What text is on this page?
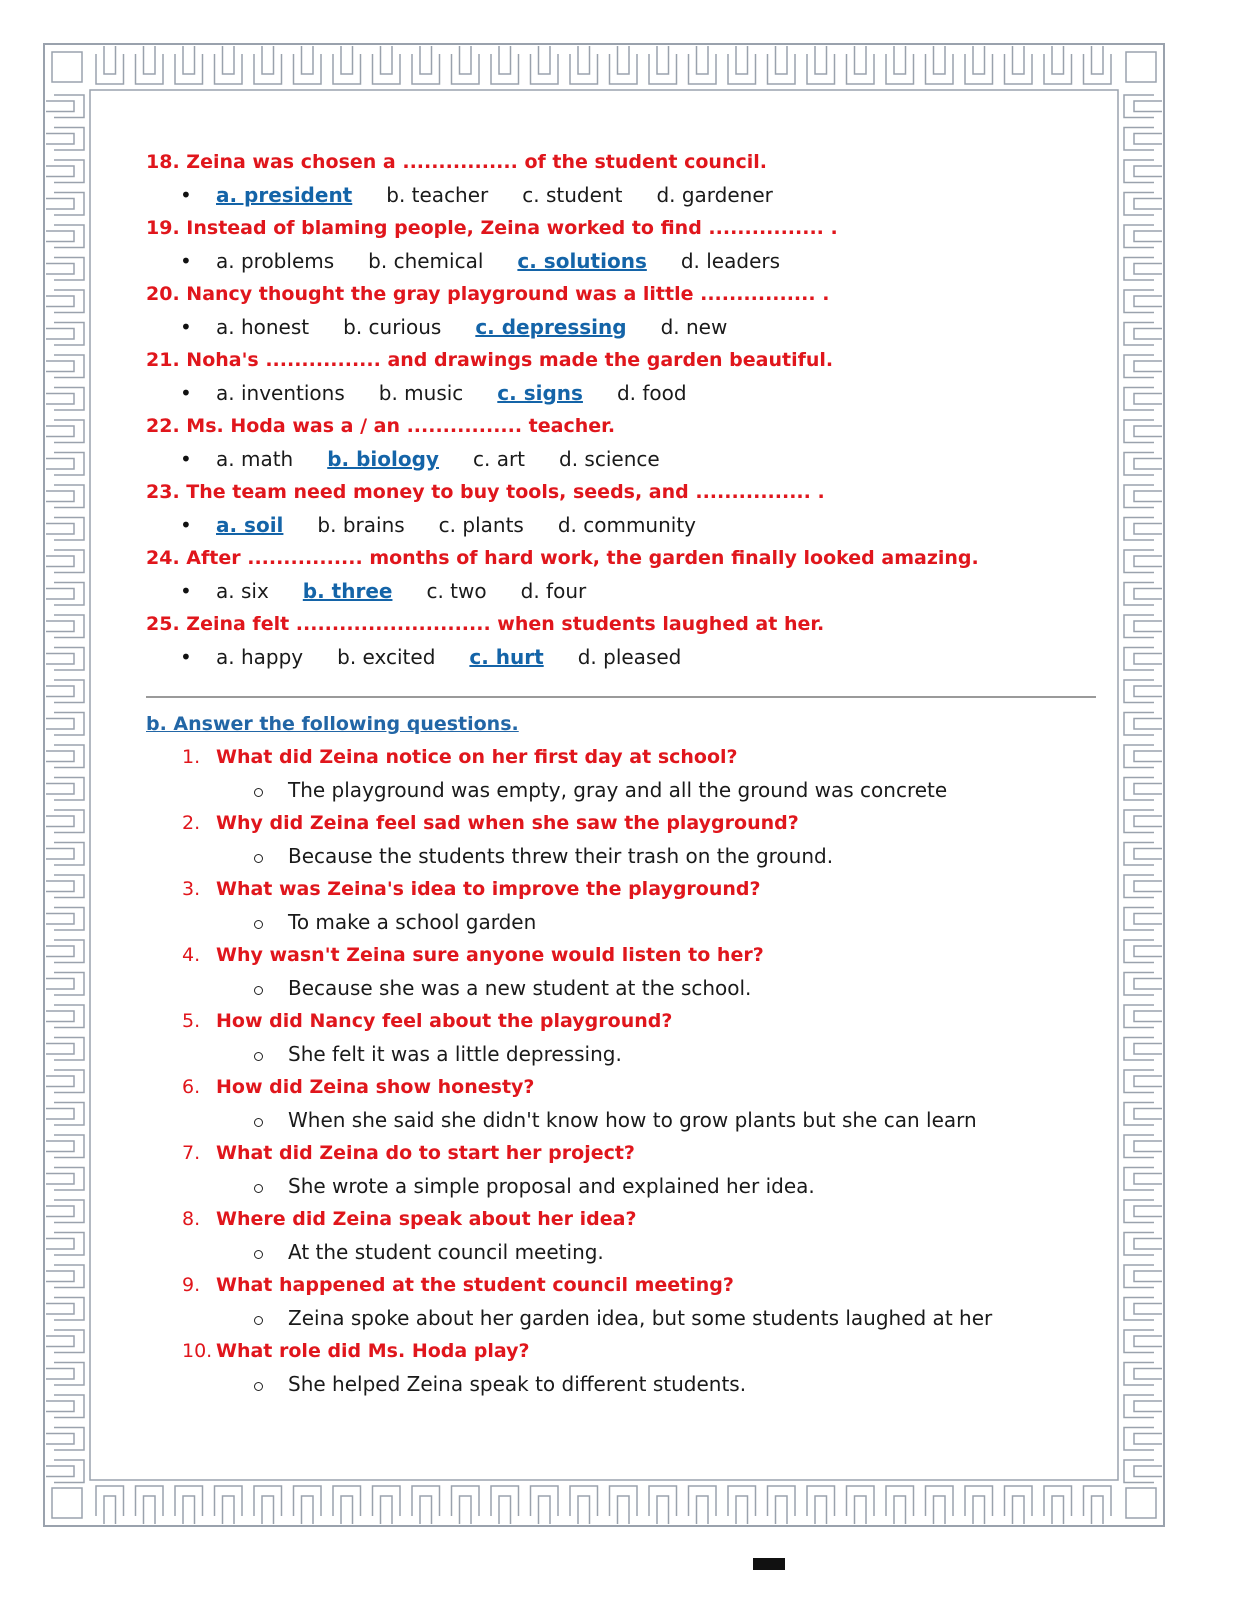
18. Zeina was chosen a ................ of the student council.
• a. president b. teacher c. student d. gardener
19. Instead of blaming people, Zeina worked to find ................ .
• a. problems b. chemical c. solutions d. leaders
20. Nancy thought the gray playground was a little ................ .
• a. honest b. curious c. depressing d. new
21. Noha's ................ and drawings made the garden beautiful.
• a. inventions b. music c. signs d. food
22. Ms. Hoda was a / an ................ teacher.
• a. math b. biology c. art d. science
23. The team need money to buy tools, seeds, and ................ .
• a. soil b. brains c. plants d. community
24. After ................ months of hard work, the garden finally looked amazing.
• a. six b. three c. two d. four
25. Zeina felt ........................... when students laughed at her.
• a. happy b. excited c. hurt d. pleased
b. Answer the following questions.
1. What did Zeina notice on her first day at school?
The playground was empty, gray and all the ground was concrete
2. Why did Zeina feel sad when she saw the playground?
Because the students threw their trash on the ground.
3. What was Zeina's idea to improve the playground?
To make a school garden
4. Why wasn't Zeina sure anyone would listen to her?
Because she was a new student at the school.
5. How did Nancy feel about the playground?
She felt it was a little depressing.
6. How did Zeina show honesty?
When she said she didn't know how to grow plants but she can learn
7. What did Zeina do to start her project?
She wrote a simple proposal and explained her idea.
8. Where did Zeina speak about her idea?
At the student council meeting.
9. What happened at the student council meeting?
Zeina spoke about her garden idea, but some students laughed at her
10. What role did Ms. Hoda play?
She helped Zeina speak to different students.
